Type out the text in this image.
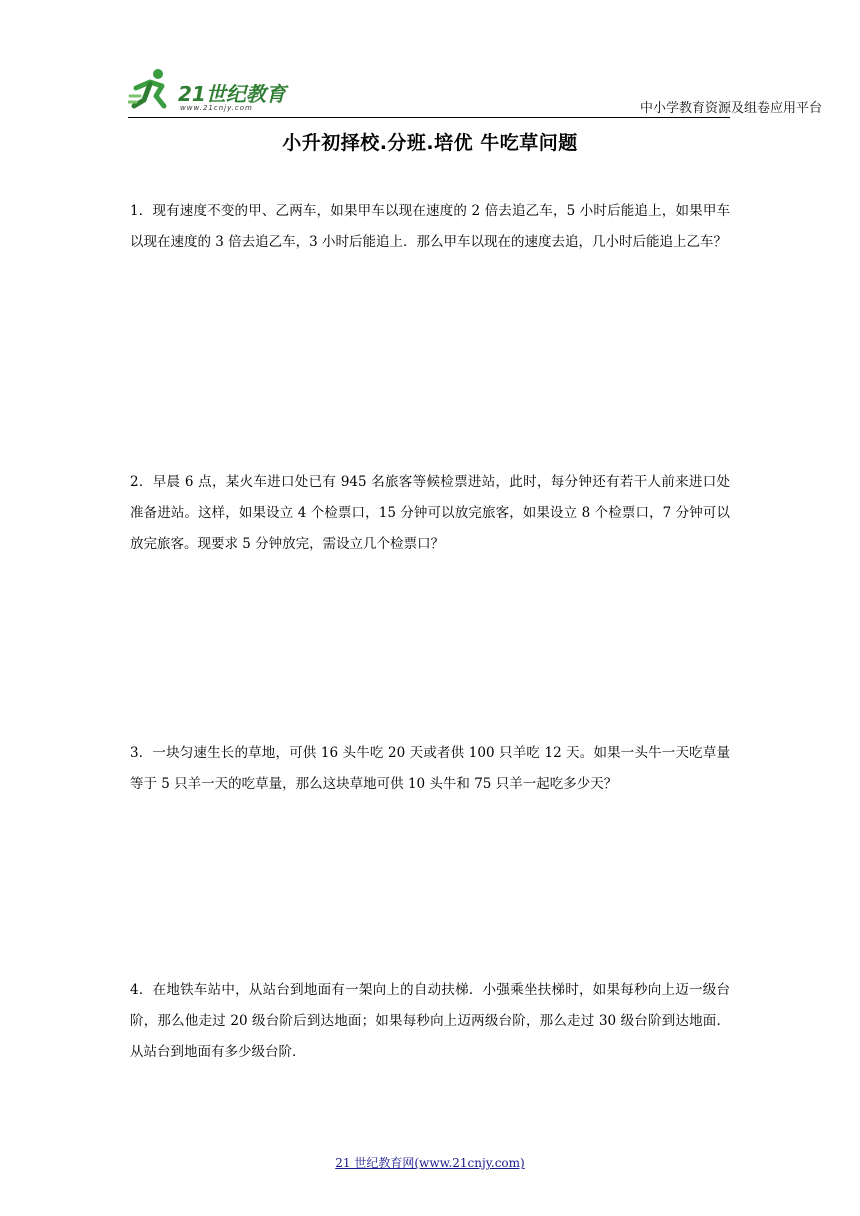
21世纪教育
www.21cnjy.com	中小学教育资源及组卷应用平台
小升初择校.分班.培优 牛吃草问题
1．现有速度不变的甲、乙两车，如果甲车以现在速度的 2 倍去追乙车，5 小时后能追上，如果甲车以现在速度的 3 倍去追乙车，3 小时后能追上．那么甲车以现在的速度去追，几小时后能追上乙车？
2．早晨 6 点，某火车进口处已有 945 名旅客等候检票进站，此时，每分钟还有若干人前来进口处准备进站。这样，如果设立 4 个检票口，15 分钟可以放完旅客，如果设立 8 个检票口，7 分钟可以放完旅客。现要求 5 分钟放完，需设立几个检票口？
3．一块匀速生长的草地，可供 16 头牛吃 20 天或者供 100 只羊吃 12 天。如果一头牛一天吃草量等于 5 只羊一天的吃草量，那么这块草地可供 10 头牛和 75 只羊一起吃多少天？
4．在地铁车站中，从站台到地面有一架向上的自动扶梯．小强乘坐扶梯时，如果每秒向上迈一级台阶，那么他走过 20 级台阶后到达地面；如果每秒向上迈两级台阶，那么走过 30 级台阶到达地面．从站台到地面有多少级台阶．
21 世纪教育网(www.21cnjy.com)
